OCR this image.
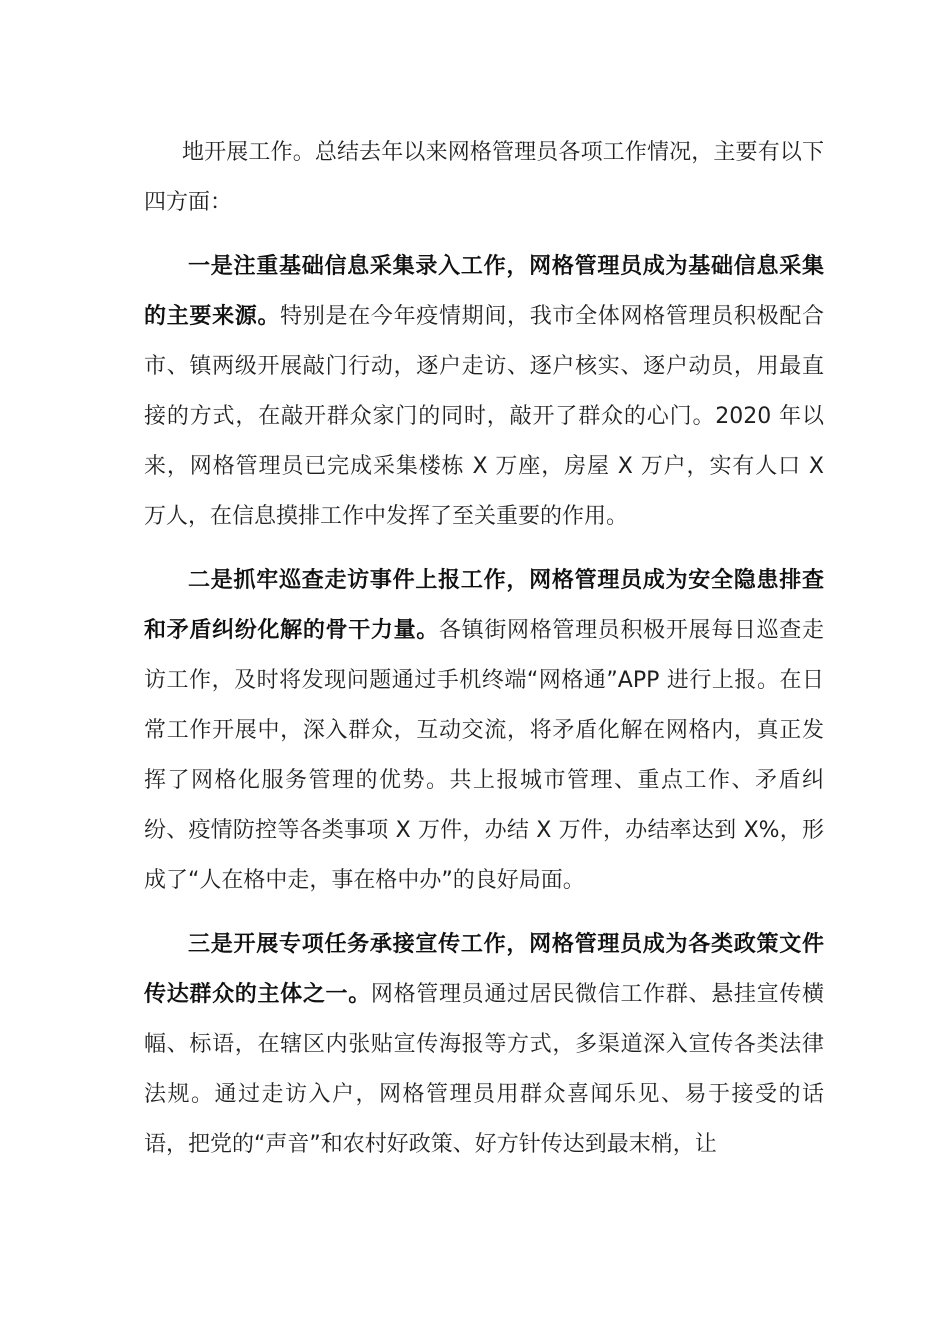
地开展工作。总结去年以来网格管理员各项工作情况，主要有以下四方面：

一是注重基础信息采集录入工作，网格管理员成为基础信息采集的主要来源。特别是在今年疫情期间，我市全体网格管理员积极配合市、镇两级开展敲门行动，逐户走访、逐户核实、逐户动员，用最直接的方式，在敲开群众家门的同时，敲开了群众的心门。2020 年以来，网格管理员已完成采集楼栋 X 万座，房屋 X 万户，实有人口 X 万人，在信息摸排工作中发挥了至关重要的作用。

二是抓牢巡查走访事件上报工作，网格管理员成为安全隐患排查和矛盾纠纷化解的骨干力量。各镇街网格管理员积极开展每日巡查走访工作，及时将发现问题通过手机终端“网格通”APP 进行上报。在日常工作开展中，深入群众，互动交流，将矛盾化解在网格内，真正发挥了网格化服务管理的优势。共上报城市管理、重点工作、矛盾纠纷、疫情防控等各类事项 X 万件，办结 X 万件，办结率达到 X%，形成了“人在格中走，事在格中办”的良好局面。

三是开展专项任务承接宣传工作，网格管理员成为各类政策文件传达群众的主体之一。网格管理员通过居民微信工作群、悬挂宣传横幅、标语，在辖区内张贴宣传海报等方式，多渠道深入宣传各类法律法规。通过走访入户，网格管理员用群众喜闻乐见、易于接受的话语，把党的“声音”和农村好政策、好方针传达到最末梢，让
